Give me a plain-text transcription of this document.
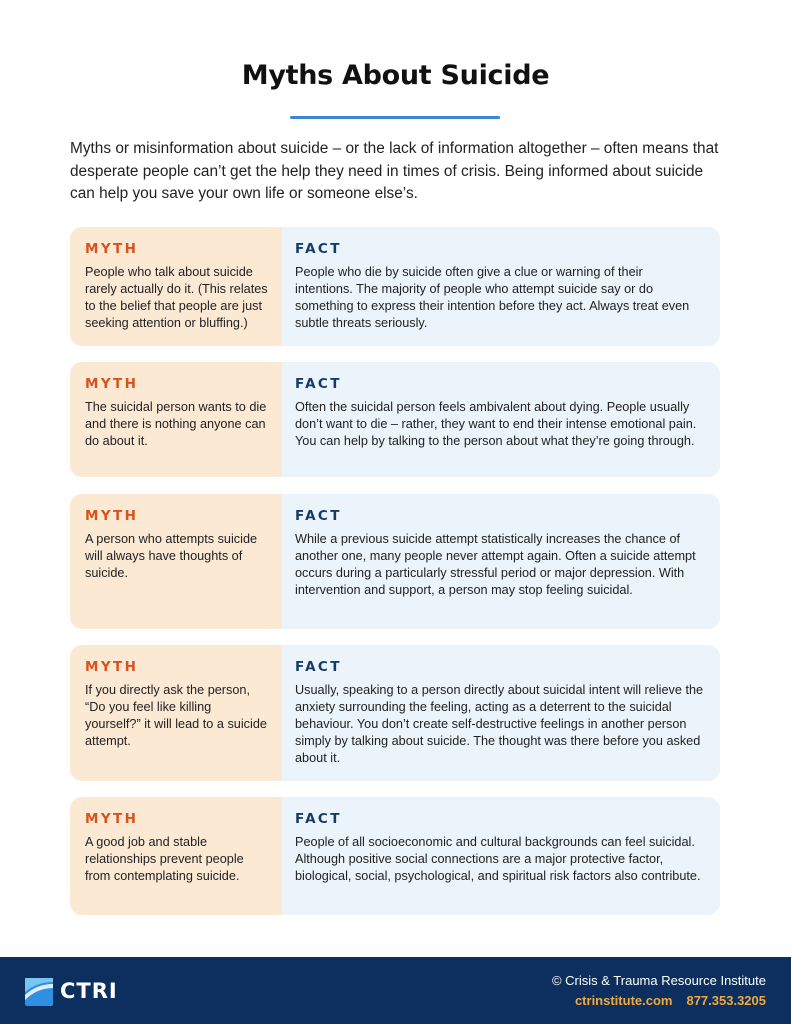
Myths About Suicide
Myths or misinformation about suicide – or the lack of information altogether – often means that desperate people can’t get the help they need in times of crisis. Being informed about suicide can help you save your own life or someone else’s.
MYTH
People who talk about suicide rarely actually do it. (This relates to the belief that people are just seeking attention or bluffing.)
FACT
People who die by suicide often give a clue or warning of their intentions. The majority of people who attempt suicide say or do something to express their intention before they act. Always treat even subtle threats seriously.
MYTH
The suicidal person wants to die and there is nothing anyone can do about it.
FACT
Often the suicidal person feels ambivalent about dying. People usually don’t want to die – rather, they want to end their intense emotional pain. You can help by talking to the person about what they’re going through.
MYTH
A person who attempts suicide will always have thoughts of suicide.
FACT
While a previous suicide attempt statistically increases the chance of another one, many people never attempt again. Often a suicide attempt occurs during a particularly stressful period or major depression. With intervention and support, a person may stop feeling suicidal.
MYTH
If you directly ask the person, “Do you feel like killing yourself?” it will lead to a suicide attempt.
FACT
Usually, speaking to a person directly about suicidal intent will relieve the anxiety surrounding the feeling, acting as a deterrent to the suicidal behaviour. You don’t create self-destructive feelings in another person simply by talking about suicide. The thought was there before you asked about it.
MYTH
A good job and stable relationships prevent people from contemplating suicide.
FACT
People of all socioeconomic and cultural backgrounds can feel suicidal. Although positive social connections are a major protective factor, biological, social, psychological, and spiritual risk factors also contribute.
CTRI	© Crisis & Trauma Resource Institute
ctrinstitute.com 877.353.3205
